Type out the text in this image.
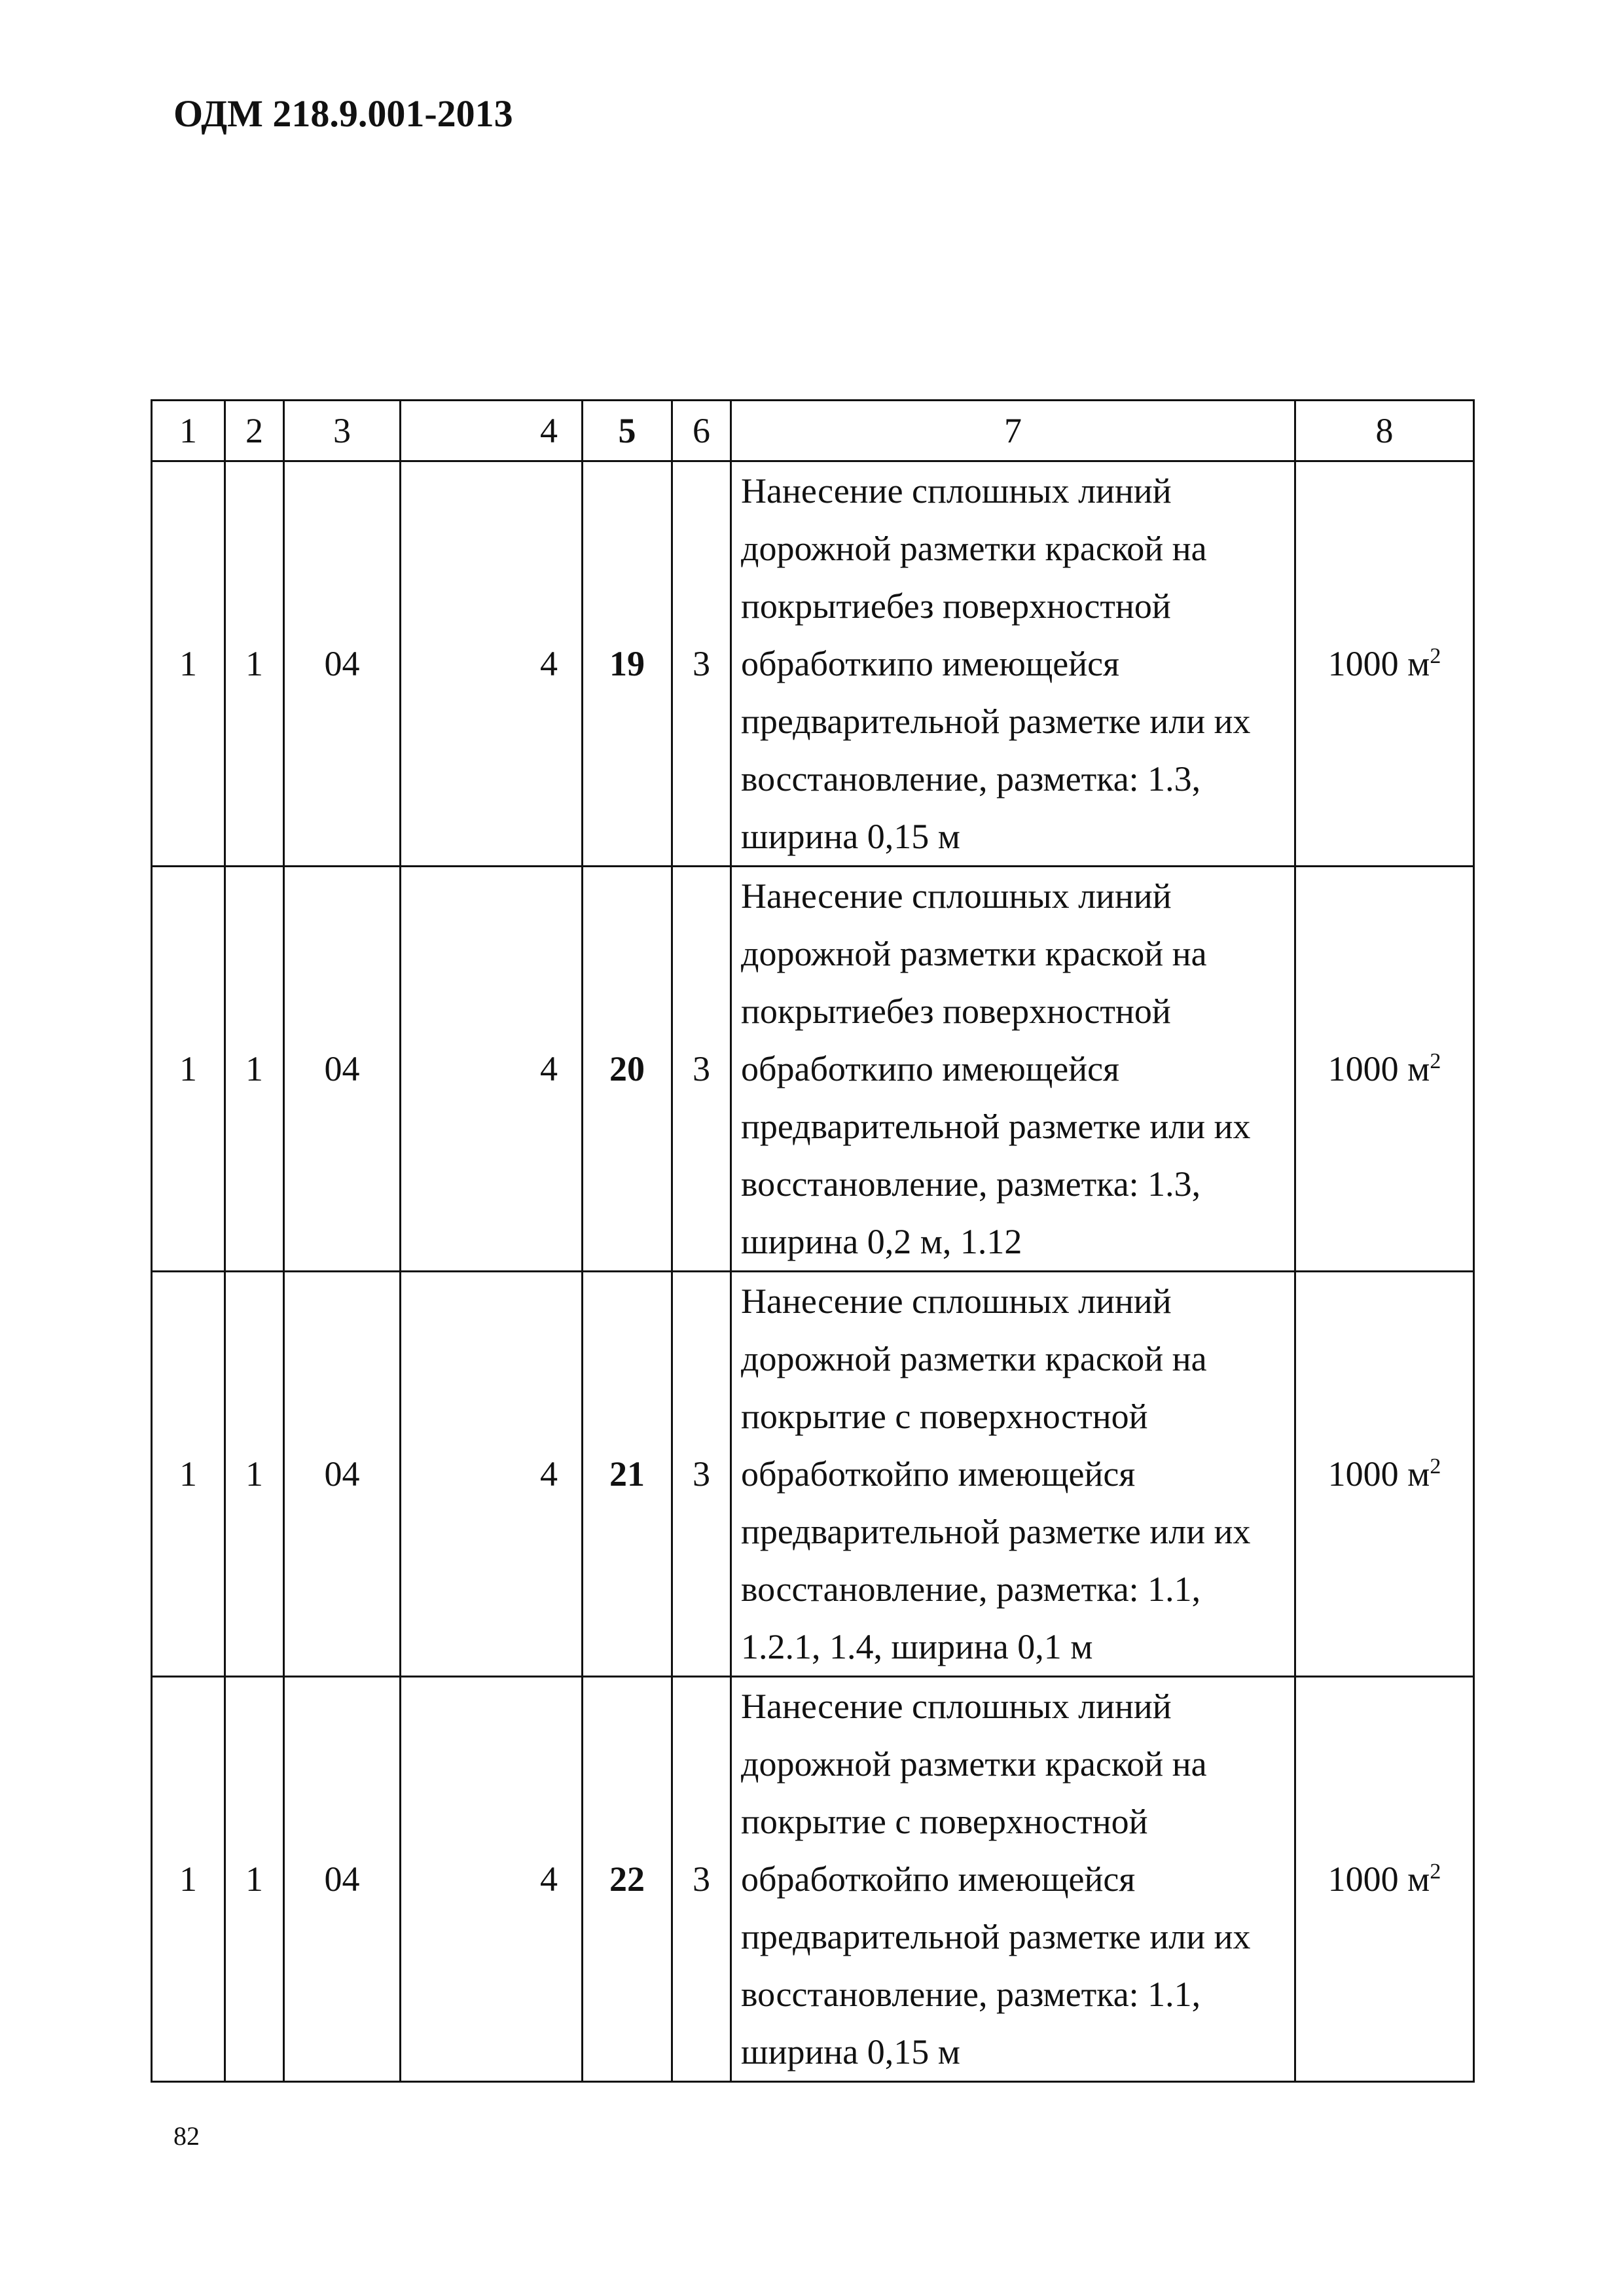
ОДМ 218.9.001-2013
1	2	3	4	5	6	7	8
1	1	04	4	19	3	Нанесение сплошных линий дорожной разметки краской на покрытиебез поверхностной обработкипо имеющейся предварительной разметке или их восстановление, разметка: 1.3, ширина 0,15 м	1000 $м^2$
1	1	04	4	20	3	Нанесение сплошных линий дорожной разметки краской на покрытиебез поверхностной обработкипо имеющейся предварительной разметке или их восстановление, разметка: 1.3, ширина 0,2 м, 1.12	1000 $м^2$
1	1	04	4	21	3	Нанесение сплошных линий дорожной разметки краской на покрытие с поверхностной обработкойпо имеющейся предварительной разметке или их восстановление, разметка: 1.1, 1.2.1, 1.4, ширина 0,1 м	1000 $м^2$
1	1	04	4	22	3	Нанесение сплошных линий дорожной разметки краской на покрытие с поверхностной обработкойпо имеющейся предварительной разметке или их восстановление, разметка: 1.1, ширина 0,15 м	1000 $м^2$
82
